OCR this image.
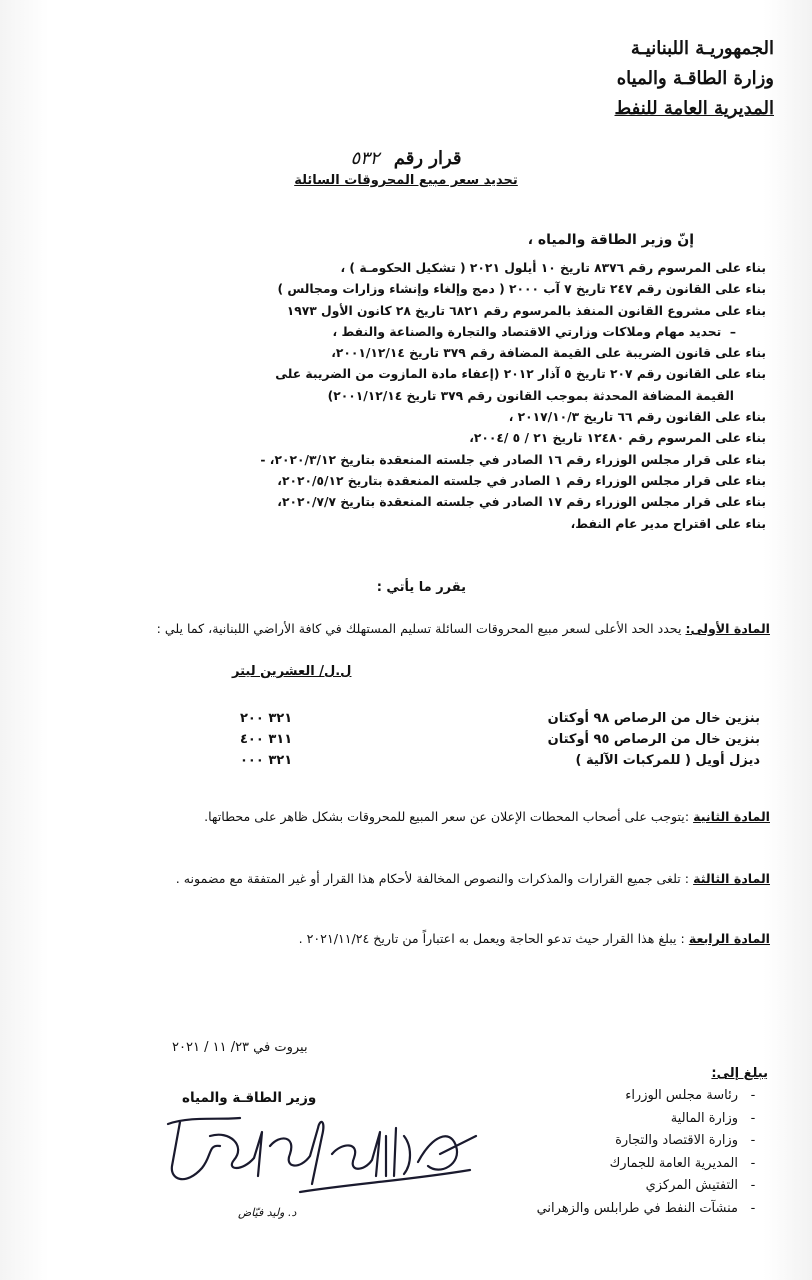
الجمهوريـة اللبنانيـة
وزارة الطاقـة والمياه
المديرية العامة للنفط
قرار رقم ٥٣٢
تحديد سعر مبيع المحروقات السائلة
إنّ وزير الطاقة والمياه ،
بناء على المرسوم رقم ٨٣٧٦ تاريخ ١٠ أيلول ٢٠٢١ ( تشكيل الحكومـة ) ،
بناء على القانون رقم ٢٤٧ تاريخ ٧ آب ٢٠٠٠ ( دمج وإلغاء وإنشاء وزارات ومجالس )
بناء على مشروع القانون المنفذ بالمرسوم رقم ٦٨٢١ تاريخ ٢٨ كانون الأول ١٩٧٣
–  تحديد مهام وملاكات وزارتي الاقتصاد والتجارة والصناعة والنفط ،
بناء على قانون الضريبة على القيمة المضافة رقم ٣٧٩ تاريخ ٢٠٠١/١٢/١٤،
بناء على القانون رقم ٢٠٧ تاريخ ٥ آذار ٢٠١٢ (إعفاء مادة المازوت من الضريبة على
القيمة المضافة المحدثة بموجب القانون رقم ٣٧٩ تاريخ ٢٠٠١/١٢/١٤)
بناء على القانون رقم ٦٦ تاريخ ٢٠١٧/١٠/٣ ،
بناء على المرسوم رقم ١٢٤٨٠ تاريخ ٢١ / ٥ /٢٠٠٤،
بناء على قرار مجلس الوزراء رقم ١٦ الصادر في جلسته المنعقدة بتاريخ ٢٠٢٠/٣/١٢، -
بناء على قرار مجلس الوزراء رقم ١ الصادر في جلسته المنعقدة بتاريخ ٢٠٢٠/٥/١٢،
بناء على قرار مجلس الوزراء رقم ١٧ الصادر في جلسته المنعقدة بتاريخ ٢٠٢٠/٧/٧،
بناء على اقتراح مدير عام النفط،
يقرر ما يأتي :
المادة الأولى: يحدد الحد الأعلى لسعر مبيع المحروقات السائلة تسليم المستهلك في كافة الأراضي اللبنانية، كما يلي :
ل.ل/ العشرين ليتر
بنزين خال من الرصاص ٩٨ أوكتان
٣٢١ ٢٠٠
بنزين خال من الرصاص ٩٥ أوكتان
٣١١ ٤٠٠
ديزل أويل ( للمركبات الآلية )
٣٢١ ٠٠٠
المادة الثانية :يتوجب على أصحاب المحطات الإعلان عن سعر المبيع للمحروقات بشكل ظاهر على محطاتها.
المادة الثالثة : تلغى جميع القرارات والمذكرات والنصوص المخالفة لأحكام هذا القرار أو غير المتفقة مع مضمونه .
المادة الرابعة : يبلغ هذا القرار حيث تدعو الحاجة ويعمل به اعتباراً من تاريخ ٢٠٢١/١١/٢٤ .
بيروت في ٢٣/ ١١ / ٢٠٢١
يبلغ إلى:
- رئاسة مجلس الوزراء
- وزارة المالية
- وزارة الاقتصاد والتجارة
- المديرية العامة للجمارك
- التفتيش المركزي
- منشآت النفط في طرابلس والزهراني
وزير الطاقـة والمياه
د. وليد فيّاض
